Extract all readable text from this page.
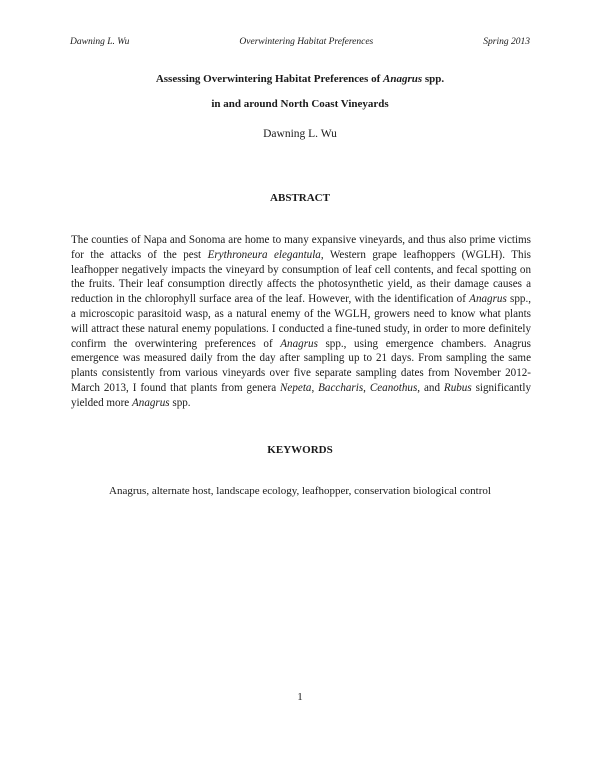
Dawning L. Wu	Overwintering Habitat Preferences	Spring 2013
Assessing Overwintering Habitat Preferences of Anagrus spp.
in and around North Coast Vineyards
Dawning L. Wu
ABSTRACT
The counties of Napa and Sonoma are home to many expansive vineyards, and thus also prime victims for the attacks of the pest Erythroneura elegantula, Western grape leafhoppers (WGLH). This leafhopper negatively impacts the vineyard by consumption of leaf cell contents, and fecal spotting on the fruits. Their leaf consumption directly affects the photosynthetic yield, as their damage causes a reduction in the chlorophyll surface area of the leaf. However, with the identification of Anagrus spp., a microscopic parasitoid wasp, as a natural enemy of the WGLH, growers need to know what plants will attract these natural enemy populations. I conducted a fine-tuned study, in order to more definitely confirm the overwintering preferences of Anagrus spp., using emergence chambers. Anagrus emergence was measured daily from the day after sampling up to 21 days. From sampling the same plants consistently from various vineyards over five separate sampling dates from November 2012-March 2013, I found that plants from genera Nepeta, Baccharis, Ceanothus, and Rubus significantly yielded more Anagrus spp.
KEYWORDS
Anagrus, alternate host, landscape ecology, leafhopper, conservation biological control
1
